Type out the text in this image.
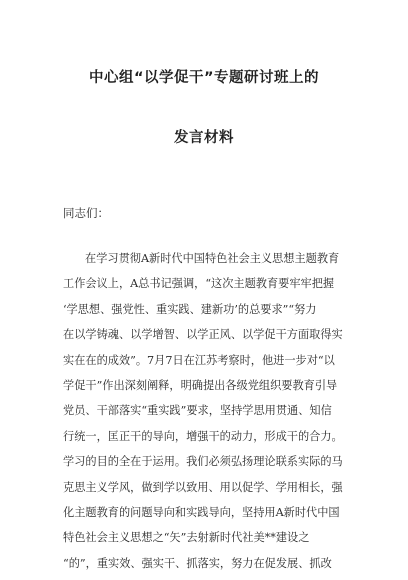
中心组“以学促干”专题研讨班上的
发言材料
同志们：
在学习贯彻A新时代中国特色社会主义思想主题教育
工作会议上，A总书记强调，“这次主题教育要牢牢把握
‘学思想、强党性、重实践、建新功’的总要求”“努力
在以学铸魂、以学增智、以学正风、以学促干方面取得实
实在在的成效”。7月7日在江苏考察时，他进一步对“以
学促干”作出深刻阐释，明确提出各级党组织要教育引导
党员、干部落实“重实践”要求，坚持学思用贯通、知信
行统一，匡正干的导向，增强干的动力，形成干的合力。
学习的目的全在于运用。我们必须弘扬理论联系实际的马
克思主义学风，做到学以致用、用以促学、学用相长，强
化主题教育的问题导向和实践导向，坚持用A新时代中国
特色社会主义思想之“矢”去射新时代社美**建设之
“的”，重实效、强实干、抓落实，努力在促发展、抓改
